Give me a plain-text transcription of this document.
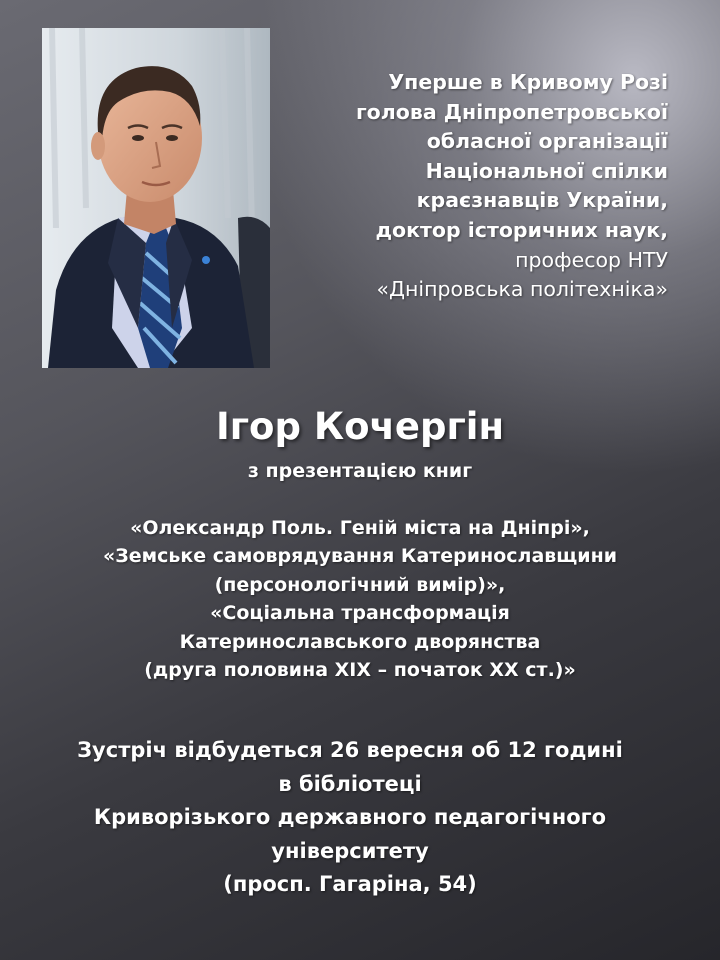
Уперше в Кривому Розі
голова Дніпропетровської
обласної організації
Національної спілки
краєзнавців України,
доктор історичних наук,
професор НТУ
«Дніпровська політехніка»
Ігор Кочергін
з презентацією книг
«Олександр Поль. Геній міста на Дніпрі»,
«Земське самоврядування Катеринославщини
(персонологічний вимір)»,
«Соціальна трансформація
Катеринославського дворянства
(друга половина XIX – початок XX ст.)»
Зустріч відбудеться 26 вересня об 12 годині
в бібліотеці
Криворізького державного педагогічного
університету
(просп. Гагаріна, 54)
